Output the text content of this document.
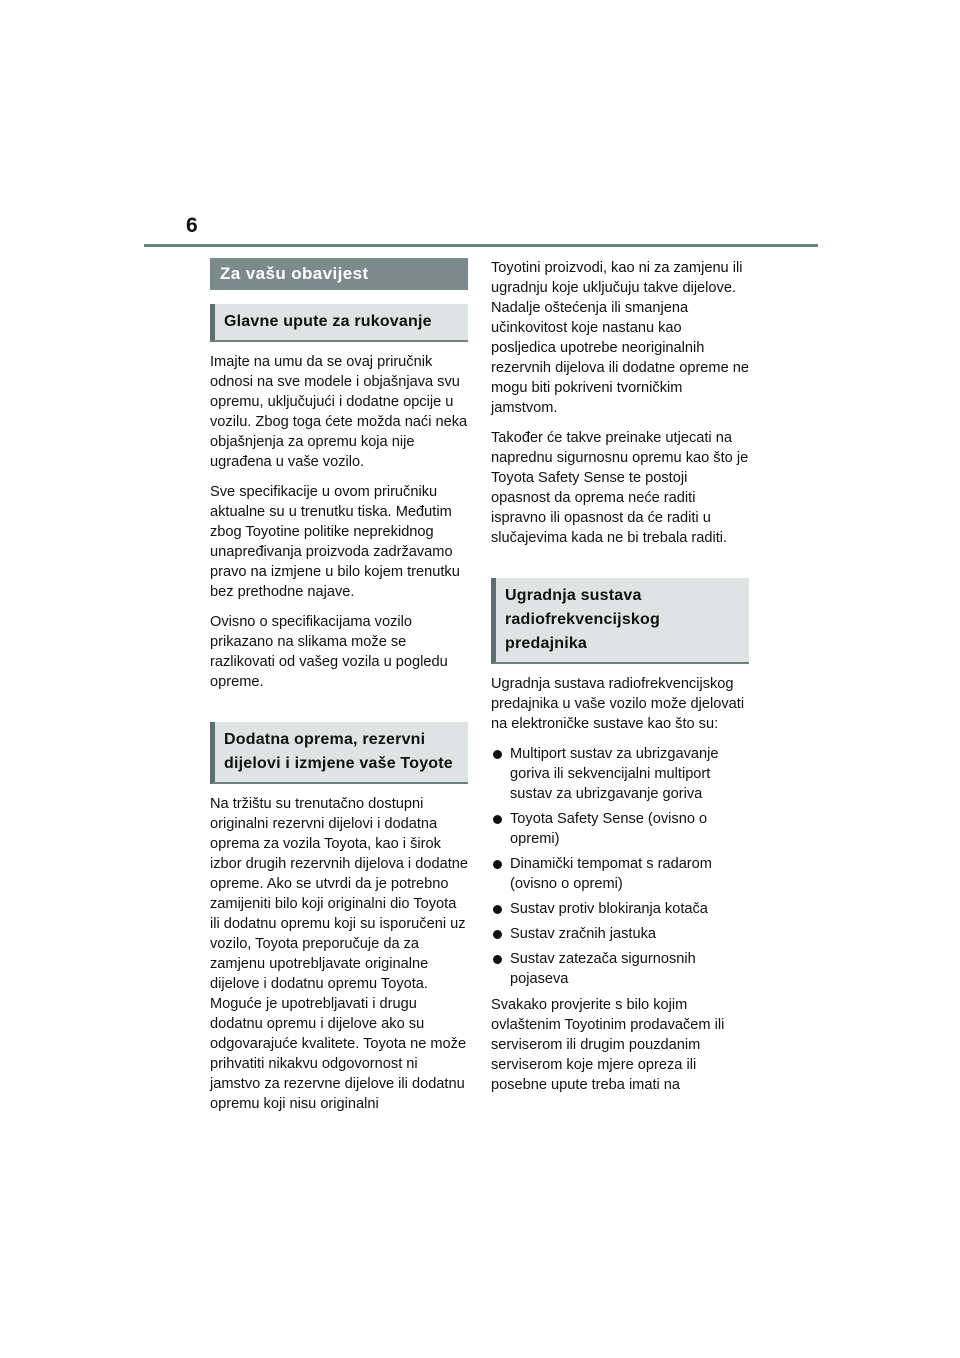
6
Za vašu obavijest
Glavne upute za rukovanje

Imajte na umu da se ovaj priručnik odnosi na sve modele i objašnjava svu opremu, uključujući i dodatne opcije u vozilu. Zbog toga ćete možda naći neka objašnjenja za opremu koja nije ugrađena u vaše vozilo.

Sve specifikacije u ovom priručniku aktualne su u trenutku tiska. Međutim zbog Toyotine politike neprekidnog unapređivanja proizvoda zadržavamo pravo na izmjene u bilo kojem trenutku bez prethodne najave.

Ovisno o specifikacijama vozilo prikazano na slikama može se razlikovati od vašeg vozila u pogledu opreme.

Dodatna oprema, rezervni dijelovi i izmjene vaše Toyote

Na tržištu su trenutačno dostupni originalni rezervni dijelovi i dodatna oprema za vozila Toyota, kao i širok izbor drugih rezervnih dijelova i dodatne opreme. Ako se utvrdi da je potrebno zamijeniti bilo koji originalni dio Toyota ili dodatnu opremu koji su isporučeni uz vozilo, Toyota preporučuje da za zamjenu upotrebljavate originalne dijelove i dodatnu opremu Toyota. Moguće je upotrebljavati i drugu dodatnu opremu i dijelove ako su odgovarajuće kvalitete. Toyota ne može prihvatiti nikakvu odgovornost ni jamstvo za rezervne dijelove ili dodatnu opremu koji nisu originalni

Toyotini proizvodi, kao ni za zamjenu ili ugradnju koje uključuju takve dijelove. Nadalje oštećenja ili smanjena učinkovitost koje nastanu kao posljedica upotrebe neoriginalnih rezervnih dijelova ili dodatne opreme ne mogu biti pokriveni tvorničkim jamstvom.

Također će takve preinake utjecati na naprednu sigurnosnu opremu kao što je Toyota Safety Sense te postoji opasnost da oprema neće raditi ispravno ili opasnost da će raditi u slučajevima kada ne bi trebala raditi.

Ugradnja sustava radiofrekvencijskog predajnika

Ugradnja sustava radiofrekvencijskog predajnika u vaše vozilo može djelovati na elektroničke sustave kao što su:

Multiport sustav za ubrizgavanje goriva ili sekvencijalni multiport sustav za ubrizgavanje goriva
Toyota Safety Sense (ovisno o opremi)
Dinamički tempomat s radarom (ovisno o opremi)
Sustav protiv blokiranja kotača
Sustav zračnih jastuka
Sustav zatezača sigurnosnih pojaseva

Svakako provjerite s bilo kojim ovlaštenim Toyotinim prodavačem ili serviserom ili drugim pouzdanim serviserom koje mjere opreza ili posebne upute treba imati na
